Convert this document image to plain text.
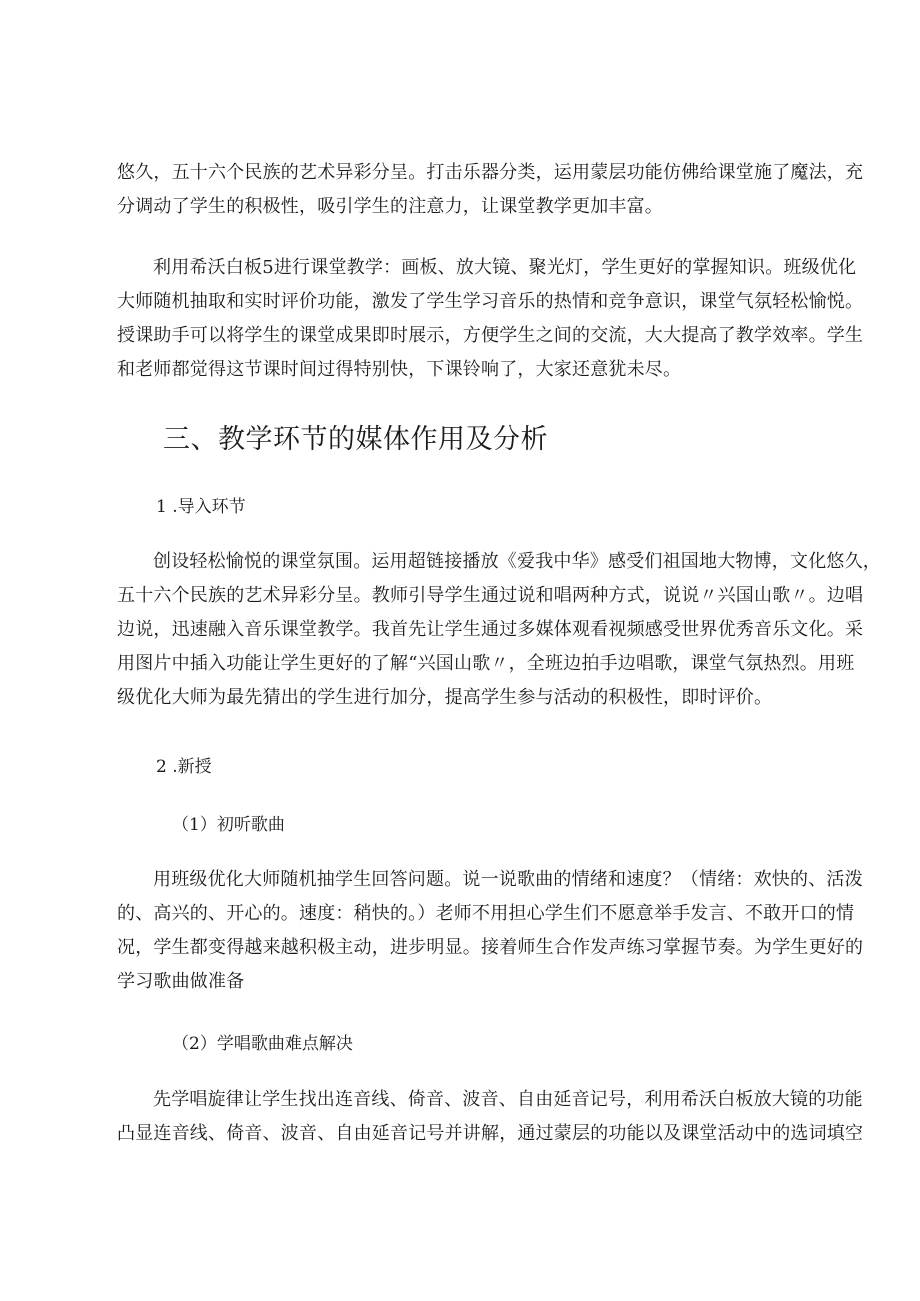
悠久，五十六个民族的艺术异彩分呈。打击乐器分类，运用蒙层功能仿佛给课堂施了魔法，充
分调动了学生的积极性，吸引学生的注意力，让课堂教学更加丰富。

利用希沃白板5进行课堂教学：画板、放大镜、聚光灯，学生更好的掌握知识。班级优化
大师随机抽取和实时评价功能，激发了学生学习音乐的热情和竞争意识，课堂气氛轻松愉悦。
授课助手可以将学生的课堂成果即时展示，方便学生之间的交流，大大提高了教学效率。学生
和老师都觉得这节课时间过得特别快，下课铃响了，大家还意犹未尽。

三、教学环节的媒体作用及分析

1 .导入环节

创设轻松愉悦的课堂氛围。运用超链接播放《爱我中华》感受们祖国地大物博，文化悠久，
五十六个民族的艺术异彩分呈。教师引导学生通过说和唱两种方式，说说〃兴国山歌〃。边唱
边说，迅速融入音乐课堂教学。我首先让学生通过多媒体观看视频感受世界优秀音乐文化。采
用图片中插入功能让学生更好的了解“兴国山歌〃，全班边拍手边唱歌，课堂气氛热烈。用班
级优化大师为最先猜出的学生进行加分，提高学生参与活动的积极性，即时评价。

2 .新授

（1）初听歌曲

用班级优化大师随机抽学生回答问题。说一说歌曲的情绪和速度？（情绪：欢快的、活泼
的、高兴的、开心的。速度：稍快的。）老师不用担心学生们不愿意举手发言、不敢开口的情
况，学生都变得越来越积极主动，进步明显。接着师生合作发声练习掌握节奏。为学生更好的
学习歌曲做准备

（2）学唱歌曲难点解决

先学唱旋律让学生找出连音线、倚音、波音、自由延音记号，利用希沃白板放大镜的功能
凸显连音线、倚音、波音、自由延音记号并讲解，通过蒙层的功能以及课堂活动中的选词填空
